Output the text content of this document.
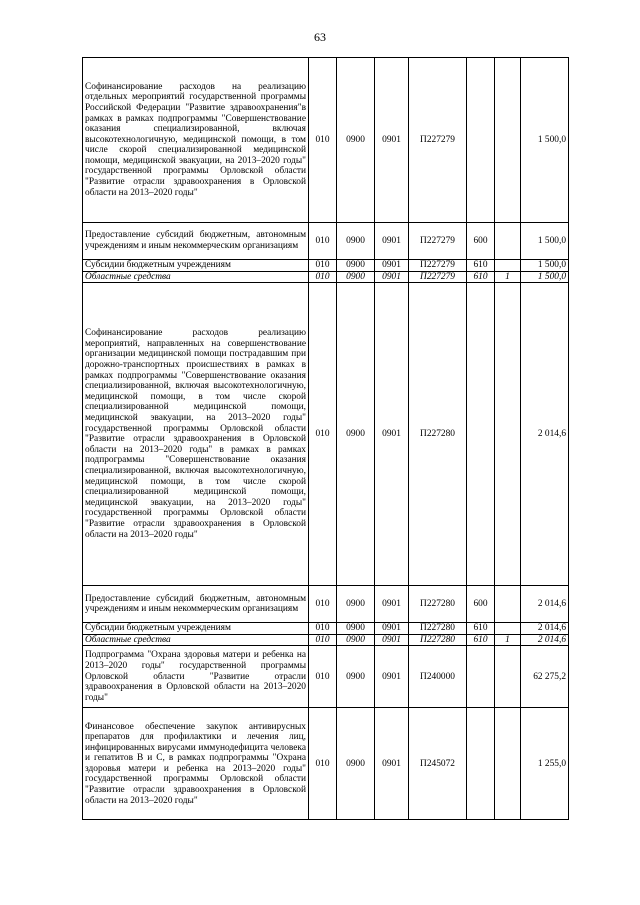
63
Софинансирование расходов на реализацию отдельных мероприятий государственной программы Российской Федерации "Развитие здравоохранения"в рамках в рамках подпрограммы "Совершенствование оказания специализированной, включая высокотехнологичную, медицинской помощи, в том числе скорой специализированной медицинской помощи, медицинской эвакуации, на 2013–2020 годы" государственной программы Орловской области "Развитие отрасли здравоохранения в Орловской области на 2013–2020 годы"	010	0900	0901	П227279			1 500,0
Предоставление субсидий бюджетным, автономным учреждениям и иным некоммерческим организациям	010	0900	0901	П227279	600		1 500,0
Субсидии бюджетным учреждениям	010	0900	0901	П227279	610		1 500,0
Областные средства	010	0900	0901	П227279	610	1	1 500,0
Софинансирование расходов реализацию мероприятий, направленных на совершенствование организации медицинской помощи пострадавшим при дорожно-транспортных происшествиях в рамках в рамках подпрограммы "Совершенствование оказания специализированной, включая высокотехнологичную, медицинской помощи, в том числе скорой специализированной медицинской помощи, медицинской эвакуации, на 2013–2020 годы" государственной программы Орловской области "Развитие отрасли здравоохранения в Орловской области на 2013–2020 годы" в рамках в рамках подпрограммы "Совершенствование оказания специализированной, включая высокотехнологичную, медицинской помощи, в том числе скорой специализированной медицинской помощи, медицинской эвакуации, на 2013–2020 годы" государственной программы Орловской области "Развитие отрасли здравоохранения в Орловской области на 2013–2020 годы"	010	0900	0901	П227280			2 014,6
Предоставление субсидий бюджетным, автономным учреждениям и иным некоммерческим организациям	010	0900	0901	П227280	600		2 014,6
Субсидии бюджетным учреждениям	010	0900	0901	П227280	610		2 014,6
Областные средства	010	0900	0901	П227280	610	1	2 014,6
Подпрограмма "Охрана здоровья матери и ребенка на 2013–2020 годы" государственной программы Орловской области "Развитие отрасли здравоохранения в Орловской области на 2013–2020 годы"	010	0900	0901	П240000			62 275,2
Финансовое обеспечение закупок антивирусных препаратов для профилактики и лечения лиц, инфицированных вирусами иммунодефицита человека и гепатитов В и С, в рамках подпрограммы "Охрана здоровья матери и ребенка на 2013–2020 годы" государственной программы Орловской области "Развитие отрасли здравоохранения в Орловской области на 2013–2020 годы"	010	0900	0901	П245072			1 255,0
